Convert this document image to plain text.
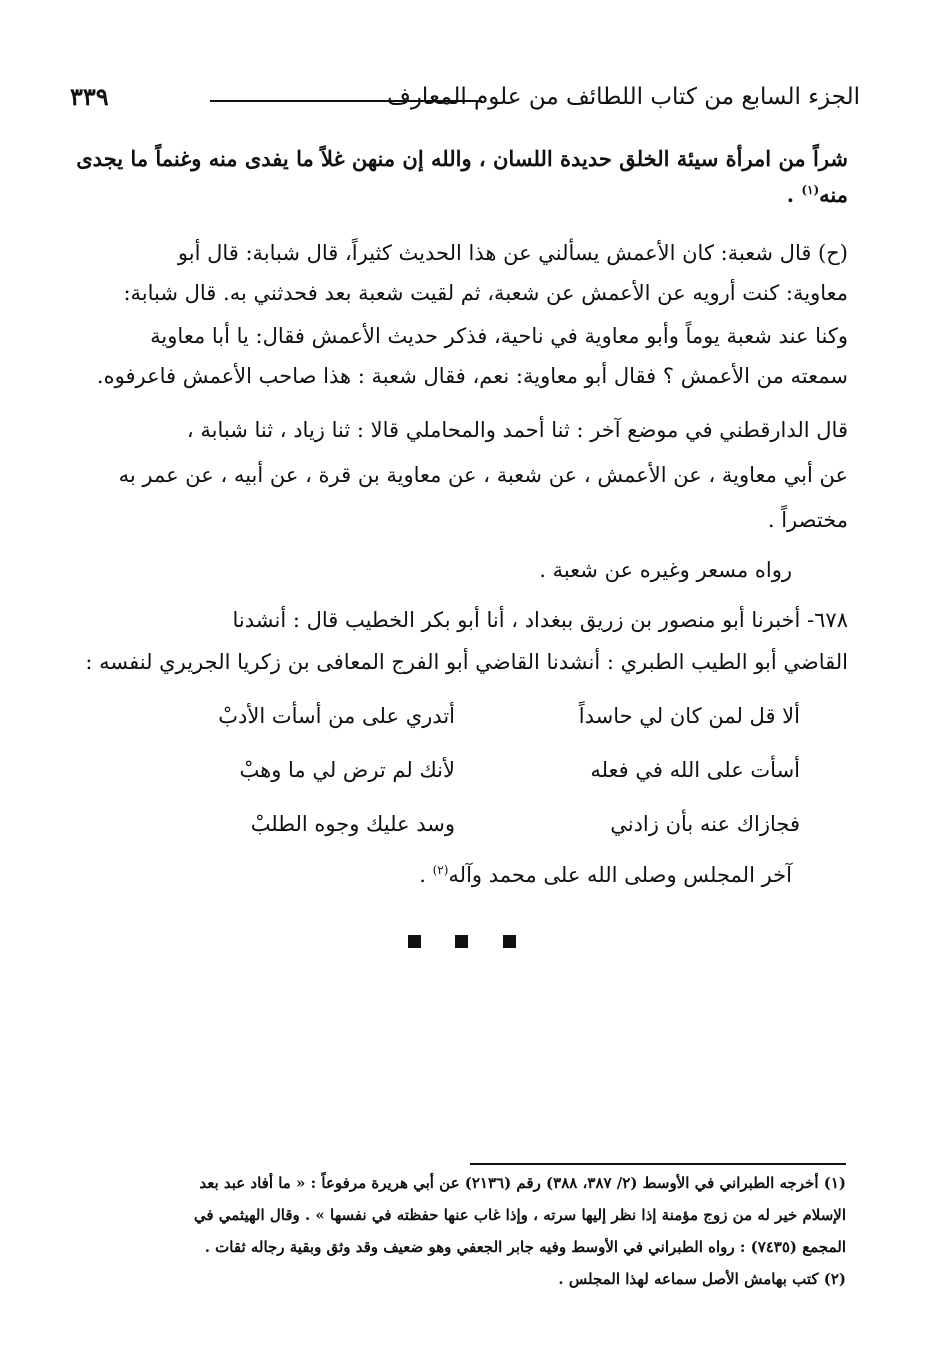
الجزء السابع من كتاب اللطائف من علوم المعارف
٣٣٩
شراً من امرأة سيئة الخلق حديدة اللسان ، والله إن منهن غلاً ما يفدى منه وغنماً ما يجدى
منه$^{(١)}$ .
(ح) قال شعبة: كان الأعمش يسألني عن هذا الحديث كثيراً، قال شبابة: قال أبو
معاوية: كنت أرويه عن الأعمش عن شعبة، ثم لقيت شعبة بعد فحدثني به. قال شبابة:
وكنا عند شعبة يوماً وأبو معاوية في ناحية، فذكر حديث الأعمش فقال: يا أبا معاوية
سمعته من الأعمش ؟ فقال أبو معاوية: نعم، فقال شعبة : هذا صاحب الأعمش فاعرفوه.
قال الدارقطني في موضع آخر : ثنا أحمد والمحاملي قالا : ثنا زياد ، ثنا شبابة ،
عن أبي معاوية ، عن الأعمش ، عن شعبة ، عن معاوية بن قرة ، عن أبيه ، عن عمر به
مختصراً .
رواه مسعر وغيره عن شعبة .
٦٧٨- أخبرنا أبو منصور بن زريق ببغداد ، أنا أبو بكر الخطيب قال : أنشدنا
القاضي أبو الطيب الطبري : أنشدنا القاضي أبو الفرج المعافى بن زكريا الجريري لنفسه :
ألا قل لمن كان لي حاسداً
أتدري على من أسأت الأدبْ
أسأت على الله في فعله
لأنك لم ترض لي ما وهبْ
فجازاك عنه بأن زادني
وسد عليك وجوه الطلبْ
آخر المجلس وصلى الله على محمد وآله$^{(٢)}$ .
(١) أخرجه الطبراني في الأوسط (٢/ ٣٨٧، ٣٨٨) رقم (٢١٣٦) عن أبي هريرة مرفوعاً : « ما أفاد عبد بعد
الإسلام خير له من زوج مؤمنة إذا نظر إليها سرته ، وإذا غاب عنها حفظته في نفسها » . وقال الهيثمي في
المجمع (٧٤٣٥) : رواه الطبراني في الأوسط وفيه جابر الجعفي وهو ضعيف وقد وثق وبقية رجاله ثقات .
(٢) كتب بهامش الأصل سماعه لهذا المجلس .
